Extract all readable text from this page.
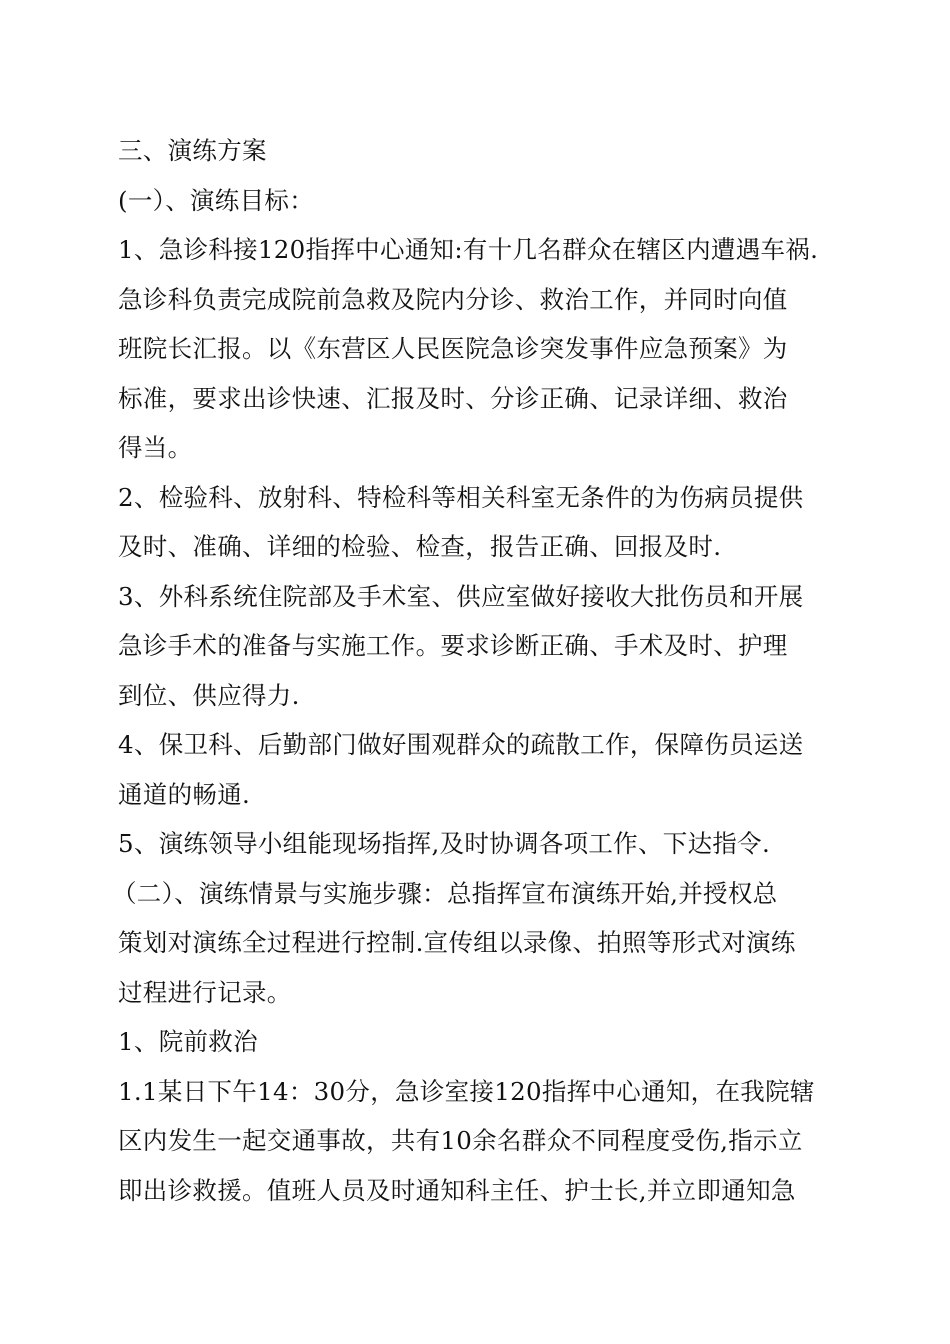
三、演练方案
(一）、演练目标：
1、急诊科接120指挥中心通知:有十几名群众在辖区内遭遇车祸.
急诊科负责完成院前急救及院内分诊、救治工作，并同时向值
班院长汇报。以《东营区人民医院急诊突发事件应急预案》为
标准，要求出诊快速、汇报及时、分诊正确、记录详细、救治
得当。
2、检验科、放射科、特检科等相关科室无条件的为伤病员提供
及时、准确、详细的检验、检查，报告正确、回报及时.
3、外科系统住院部及手术室、供应室做好接收大批伤员和开展
急诊手术的准备与实施工作。要求诊断正确、手术及时、护理
到位、供应得力.
4、保卫科、后勤部门做好围观群众的疏散工作，保障伤员运送
通道的畅通.
5、演练领导小组能现场指挥,及时协调各项工作、下达指令.
（二）、演练情景与实施步骤：总指挥宣布演练开始,并授权总
策划对演练全过程进行控制.宣传组以录像、拍照等形式对演练
过程进行记录。
1、院前救治
1.1某日下午14：30分，急诊室接120指挥中心通知，在我院辖
区内发生一起交通事故，共有10余名群众不同程度受伤,指示立
即出诊救援。值班人员及时通知科主任、护士长,并立即通知急
